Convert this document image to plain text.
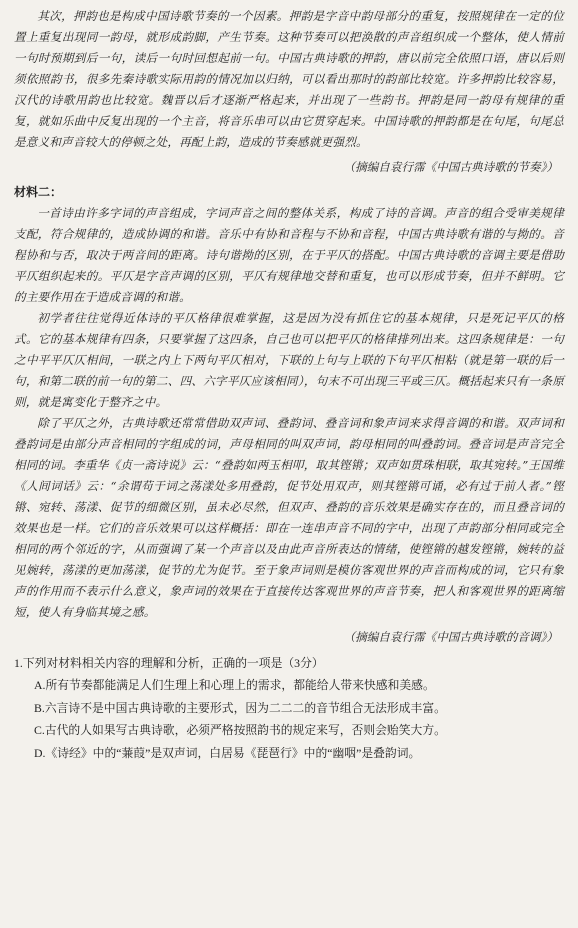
其次，押韵也是构成中国诗歌节奏的一个因素。押韵是字音中韵母部分的重复，按照规律在一定的位置上重复出现同一韵母，就形成韵脚，产生节奏。这种节奏可以把涣散的声音组织成一个整体，使人情前一句时预期到后一句，读后一句时回想起前一句。中国古典诗歌的押韵，唐以前完全依照口语，唐以后则须依照韵书，很多先秦诗歌实际用韵的情况加以归纳，可以看出那时的韵部比较宽。许多押韵比较容易，汉代的诗歌用韵也比较宽。魏晋以后才逐渐严格起来，并出现了一些韵书。押韵是同一韵母有规律的重复，就如乐曲中反复出现的一个主音，将音乐串可以由它贯穿起来。中国诗歌的押韵都是在句尾，句尾总是意义和声音较大的停顿之处，再配上韵，造成的节奏感就更强烈。

（摘编自袁行霈《中国古典诗歌的节奏》）

材料二：

一首诗由许多字词的声音组成，字词声音之间的整体关系，构成了诗的音调。声音的组合受审美规律支配，符合规律的，造成协调的和谐。音乐中有协和音程与不协和音程，中国古典诗歌有谐的与拗的。音程协和与否，取决于两音间的距离。诗句谐拗的区别，在于平仄的搭配。中国古典诗歌的音调主要是借助平仄组织起来的。平仄是字音声调的区别，平仄有规律地交替和重复，也可以形成节奏，但并不鲜明。它的主要作用在于造成音调的和谐。

初学者往往觉得近体诗的平仄格律很难掌握，这是因为没有抓住它的基本规律，只是死记平仄的格式。它的基本规律有四条，只要掌握了这四条，自己也可以把平仄的格律排列出来。这四条规律是：一句之中平平仄仄相间，一联之内上下两句平仄相对，下联的上句与上联的下句平仄相粘（就是第一联的后一句，和第二联的前一句的第二、四、六字平仄应该相同），句末不可出现三平或三仄。概括起来只有一条原则，就是寓变化于整齐之中。

除了平仄之外，古典诗歌还常常借助双声词、叠韵词、叠音词和象声词来求得音调的和谐。双声词和叠韵词是由部分声音相同的字组成的词，声母相同的叫双声词，韵母相同的叫叠韵词。叠音词是声音完全相同的词。李重华《贞一斋诗说》云：“叠韵如两玉相叩，取其铿锵；双声如贯珠相联，取其宛转。”王国维《人间词话》云：“余谓苟于词之荡漾处多用叠韵，促节处用双声，则其铿锵可诵，必有过于前人者。”铿锵、宛转、荡漾、促节的细微区别，虽未必尽然，但双声、叠韵的音乐效果是确实存在的，而且叠音词的效果也是一样。它们的音乐效果可以这样概括：即在一连串声音不同的字中，出现了声韵部分相同或完全相同的两个邻近的字，从而强调了某一个声音以及由此声音所表达的情绪，使铿锵的越发铿锵，婉转的益见婉转，荡漾的更加荡漾，促节的尤为促节。至于象声词则是模仿客观世界的声音而构成的词，它只有象声的作用而不表示什么意义，象声词的效果在于直接传达客观世界的声音节奏，把人和客观世界的距离缩短，使人有身临其境之感。

（摘编自袁行霈《中国古典诗歌的音调》）

1.下列对材料相关内容的理解和分析，正确的一项是（3分）

A.所有节奏都能满足人们生理上和心理上的需求，都能给人带来快感和美感。

B.六言诗不是中国古典诗歌的主要形式，因为二二二的音节组合无法形成丰富。

C.古代的人如果写古典诗歌，必须严格按照韵书的规定来写，否则会贻笑大方。

D.《诗经》中的“蒹葭”是双声词，白居易《琵琶行》中的“幽咽”是叠韵词。
